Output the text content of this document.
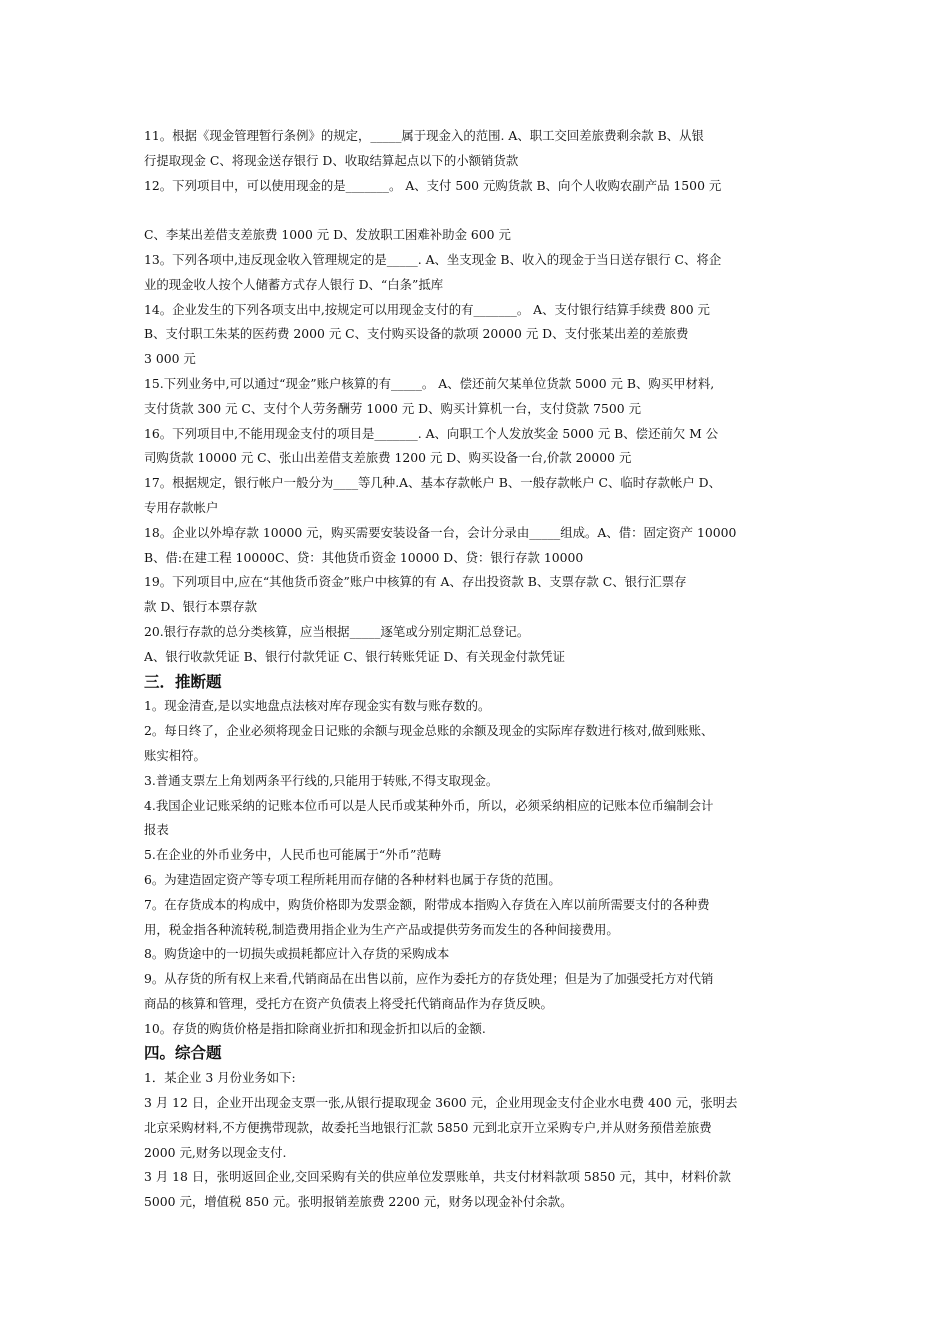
11。根据《现金管理暂行条例》的规定，_____属于现金入的范围. A、职工交回差旅费剩余款 B、从银
行提取现金 C、将现金送存银行 D、收取结算起点以下的小额销货款
12。下列项目中，可以使用现金的是_______。 A、支付 500 元购货款 B、向个人收购农副产品 1500 元
C、李某出差借支差旅费 1000 元 D、发放职工困难补助金 600 元
13。下列各项中,违反现金收入管理规定的是_____. A、坐支现金 B、收入的现金于当日送存银行 C、将企
业的现金收人按个人储蓄方式存人银行 D、“白条”抵库
14。企业发生的下列各项支出中,按规定可以用现金支付的有_______。 A、支付银行结算手续费 800 元
B、支付职工朱某的医药费 2000 元 C、支付购买设备的款项 20000 元 D、支付张某出差的差旅费
3 000 元
15.下列业务中,可以通过“现金”账户核算的有_____。 A、偿还前欠某单位货款 5000 元 B、购买甲材料,
支付货款 300 元 C、支付个人劳务酬劳 1000 元 D、购买计算机一台，支付贷款 7500 元
16。下列项目中,不能用现金支付的项目是_______. A、向职工个人发放奖金 5000 元 B、偿还前欠 M 公
司购货款 10000 元 C、张山出差借支差旅费 1200 元 D、购买设备一台,价款 20000 元
17。根据规定，银行帐户一般分为____等几种.A、基本存款帐户 B、一般存款帐户 C、临时存款帐户 D、
专用存款帐户
18。企业以外埠存款 10000 元，购买需要安装设备一台，会计分录由_____组成。A、借：固定资产 10000
B、借:在建工程 10000C、贷：其他货币资金 10000 D、贷：银行存款 10000
19。下列项目中,应在“其他货币资金”账户中核算的有 A、存出投资款 B、支票存款 C、银行汇票存
款 D、银行本票存款
20.银行存款的总分类核算，应当根据_____逐笔或分别定期汇总登记。
A、银行收款凭证 B、银行付款凭证 C、银行转账凭证 D、有关现金付款凭证
三．推断题
1。现金清查,是以实地盘点法核对库存现金实有数与账存数的。
2。每日终了，企业必须将现金日记账的余额与现金总账的余额及现金的实际库存数进行核对,做到账账、
账实相符。
3.普通支票左上角划两条平行线的,只能用于转账,不得支取现金。
4.我国企业记账采纳的记账本位币可以是人民币或某种外币，所以，必须采纳相应的记账本位币编制会计
报表
5.在企业的外币业务中，人民币也可能属于“外币”范畴
6。为建造固定资产等专项工程所耗用而存储的各种材料也属于存货的范围。
7。在存货成本的构成中，购货价格即为发票金额，附带成本指购入存货在入库以前所需要支付的各种费
用，税金指各种流转税,制造费用指企业为生产产品或提供劳务而发生的各种间接费用。
8。购货途中的一切损失或损耗都应计入存货的采购成本
9。从存货的所有权上来看,代销商品在出售以前，应作为委托方的存货处理；但是为了加强受托方对代销
商品的核算和管理，受托方在资产负债表上将受托代销商品作为存货反映。
10。存货的购货价格是指扣除商业折扣和现金折扣以后的金额.
四。综合题
1．某企业 3 月份业务如下:
3 月 12 日，企业开出现金支票一张,从银行提取现金 3600 元，企业用现金支付企业水电费 400 元，张明去
北京采购材料,不方便携带现款，故委托当地银行汇款 5850 元到北京开立采购专户,并从财务预借差旅费
2000 元,财务以现金支付.
3 月 18 日，张明返回企业,交回采购有关的供应单位发票账单，共支付材料款项 5850 元，其中，材料价款
5000 元，增值税 850 元。张明报销差旅费 2200 元，财务以现金补付余款。
